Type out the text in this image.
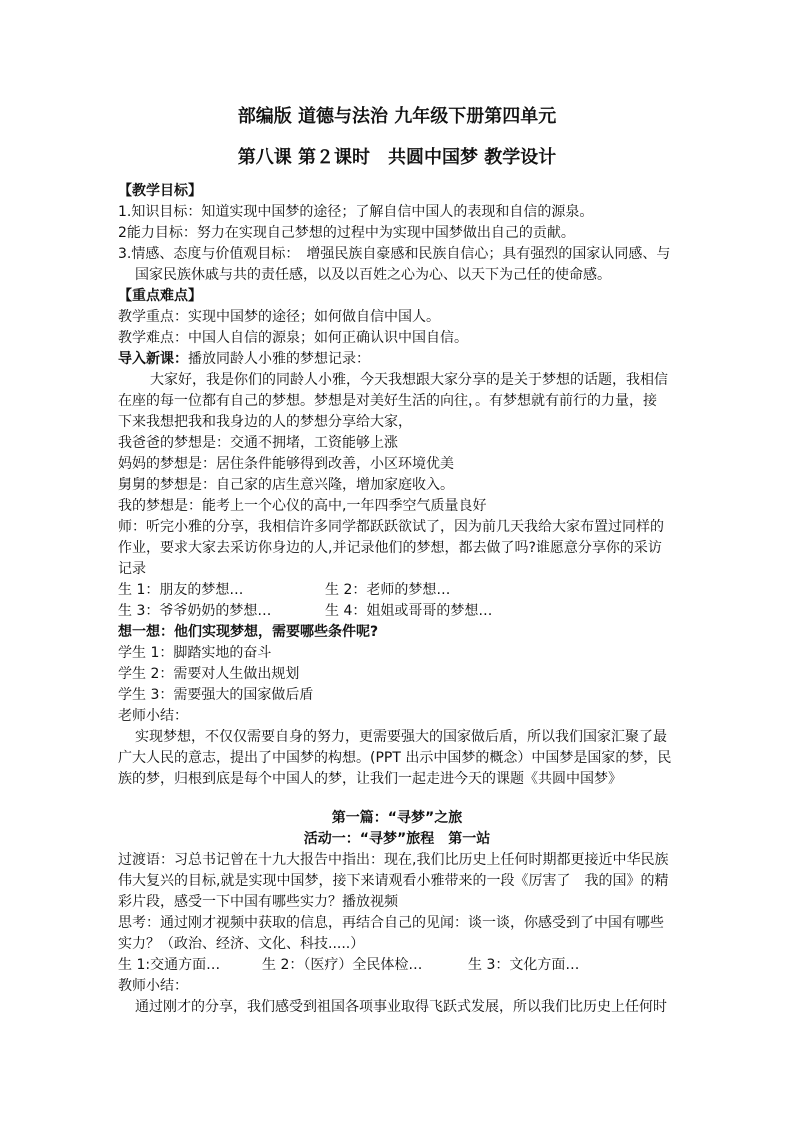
部编版 道德与法治 九年级下册第四单元
第八课 第２课时　共圆中国梦 教学设计
【教学目标】
1.知识目标：知道实现中国梦的途径；了解自信中国人的表现和自信的源泉。
2能力目标：努力在实现自己梦想的过程中为实现中国梦做出自己的贡献。
3.情感、态度与价值观目标：　增强民族自豪感和民族自信心；具有强烈的国家认同感、与
国家民族休戚与共的责任感，以及以百姓之心为心、以天下为己任的使命感。
【重点难点】
教学重点：实现中国梦的途径；如何做自信中国人。
教学难点：中国人自信的源泉；如何正确认识中国自信。
导入新课：播放同龄人小雅的梦想记录：
大家好，我是你们的同龄人小雅，今天我想跟大家分享的是关于梦想的话题，我相信
在座的每一位都有自己的梦想。梦想是对美好生活的向往，。有梦想就有前行的力量，接
下来我想把我和我身边的人的梦想分享给大家，
我爸爸的梦想是：交通不拥堵，工资能够上涨
妈妈的梦想是：居住条件能够得到改善，小区环境优美
舅舅的梦想是：自己家的店生意兴隆，增加家庭收入。
我的梦想是：能考上一个心仪的高中,一年四季空气质量良好
师：听完小雅的分享，我相信许多同学都跃跃欲试了，因为前几天我给大家布置过同样的
作业，要求大家去采访你身边的人,并记录他们的梦想，都去做了吗?谁愿意分享你的采访
记录
生 1：朋友的梦想…	生 2：老师的梦想…
生 3：爷爷奶奶的梦想…	生 4：姐姐或哥哥的梦想…
想一想：他们实现梦想，需要哪些条件呢?
学生 1：脚踏实地的奋斗
学生 2：需要对人生做出规划
学生 3：需要强大的国家做后盾
老师小结：
实现梦想，不仅仅需要自身的努力，更需要强大的国家做后盾，所以我们国家汇聚了最
广大人民的意志，提出了中国梦的构想。(PPT 出示中国梦的概念）中国梦是国家的梦，民
族的梦，归根到底是每个中国人的梦，让我们一起走进今天的课题《共圆中国梦》
第一篇：“寻梦”之旅
活动一：“寻梦”旅程　第一站
过渡语：习总书记曾在十九大报告中指出：现在,我们比历史上任何时期都更接近中华民族
伟大复兴的目标,就是实现中国梦，接下来请观看小雅带来的一段《厉害了　我的国》的精
彩片段，感受一下中国有哪些实力？播放视频
思考：通过刚才视频中获取的信息，再结合自己的见闻：谈一谈，你感受到了中国有哪些
实力？（政治、经济、文化、科技.....）
生 1:交通方面…	生 2：（医疗）全民体检…	生 3：文化方面…
教师小结：
通过刚才的分享，我们感受到祖国各项事业取得飞跃式发展，所以我们比历史上任何时
